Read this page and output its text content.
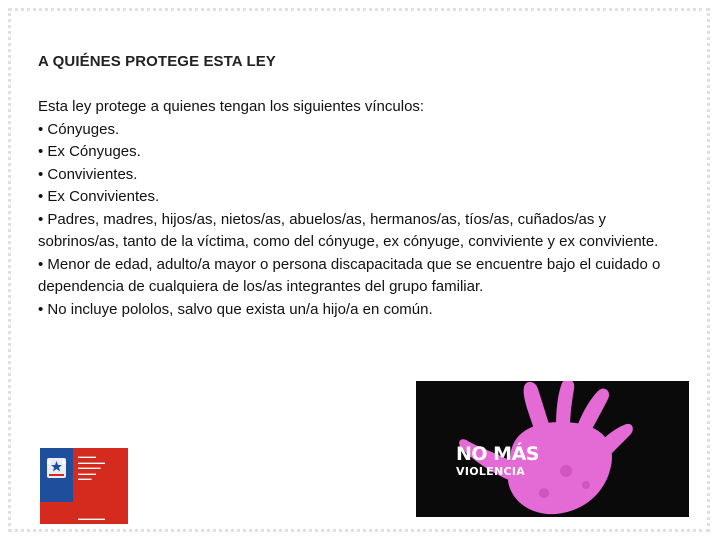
A QUIÉNES PROTEGE ESTA LEY
Esta ley protege a quienes tengan los siguientes vínculos:
• Cónyuges.
• Ex Cónyuges.
• Convivientes.
• Ex Convivientes.
• Padres, madres, hijos/as, nietos/as, abuelos/as, hermanos/as, tíos/as, cuñados/as y sobrinos/as, tanto de la víctima, como del cónyuge, ex cónyuge, conviviente y ex conviviente.
• Menor de edad, adulto/a mayor o persona discapacitada que se encuentre bajo el cuidado o dependencia de cualquiera de los/as integrantes del grupo familiar.
• No incluye pololos, salvo que exista un/a hijo/a en común.
▬▬▬▬
▬▬▬▬▬▬
▬▬▬▬▬
▬▬▬▬
▬▬▬
▬▬▬▬▬▬
NO MÁS
VIOLENCIA
